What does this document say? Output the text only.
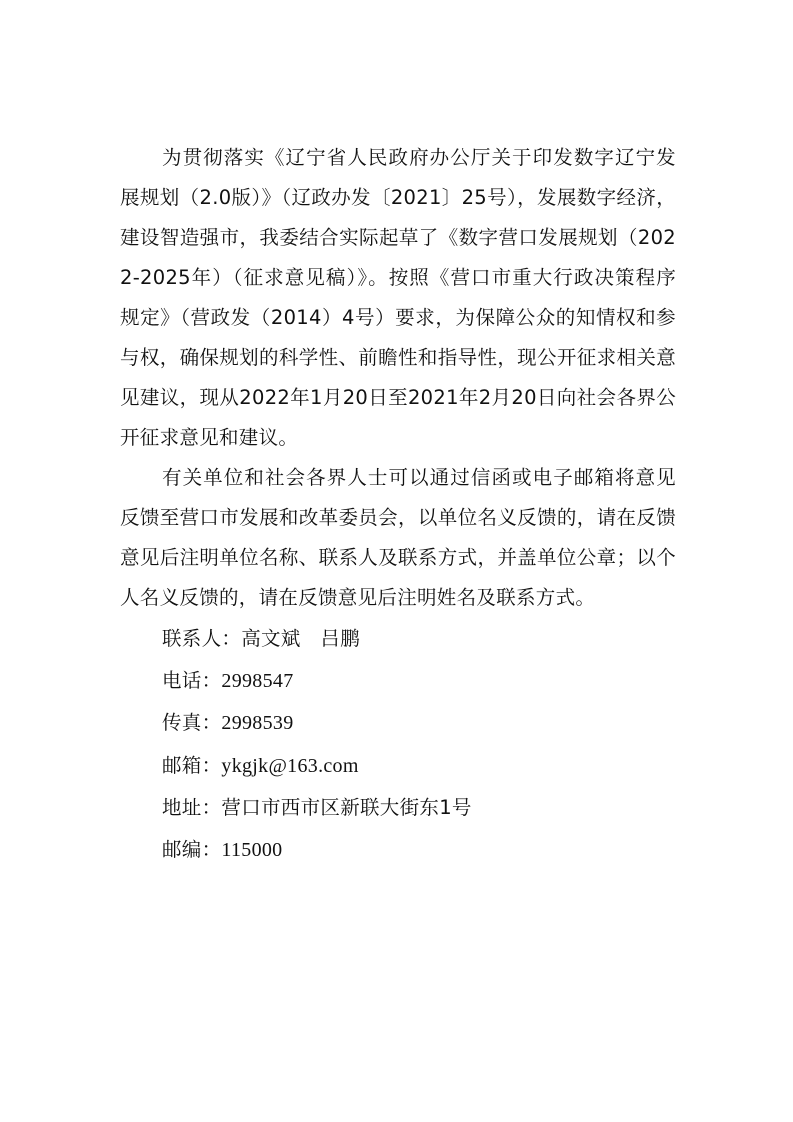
为贯彻落实《辽宁省人民政府办公厅关于印发数字辽宁发展规划（2.0版）》（辽政办发〔2021〕25号），发展数字经济，建设智造强市，我委结合实际起草了《数字营口发展规划（2022-2025年）（征求意见稿）》。按照《营口市重大行政决策程序规定》（营政发（2014）4号）要求，为保障公众的知情权和参与权，确保规划的科学性、前瞻性和指导性，现公开征求相关意见建议，现从2022年1月20日至2021年2月20日向社会各界公开征求意见和建议。

有关单位和社会各界人士可以通过信函或电子邮箱将意见反馈至营口市发展和改革委员会，以单位名义反馈的，请在反馈意见后注明单位名称、联系人及联系方式，并盖单位公章；以个人名义反馈的，请在反馈意见后注明姓名及联系方式。

联系人：高文斌　吕鹏
电话：2998547
传真：2998539
邮箱：ykgjk@163.com
地址：营口市西市区新联大街东1号
邮编：115000
